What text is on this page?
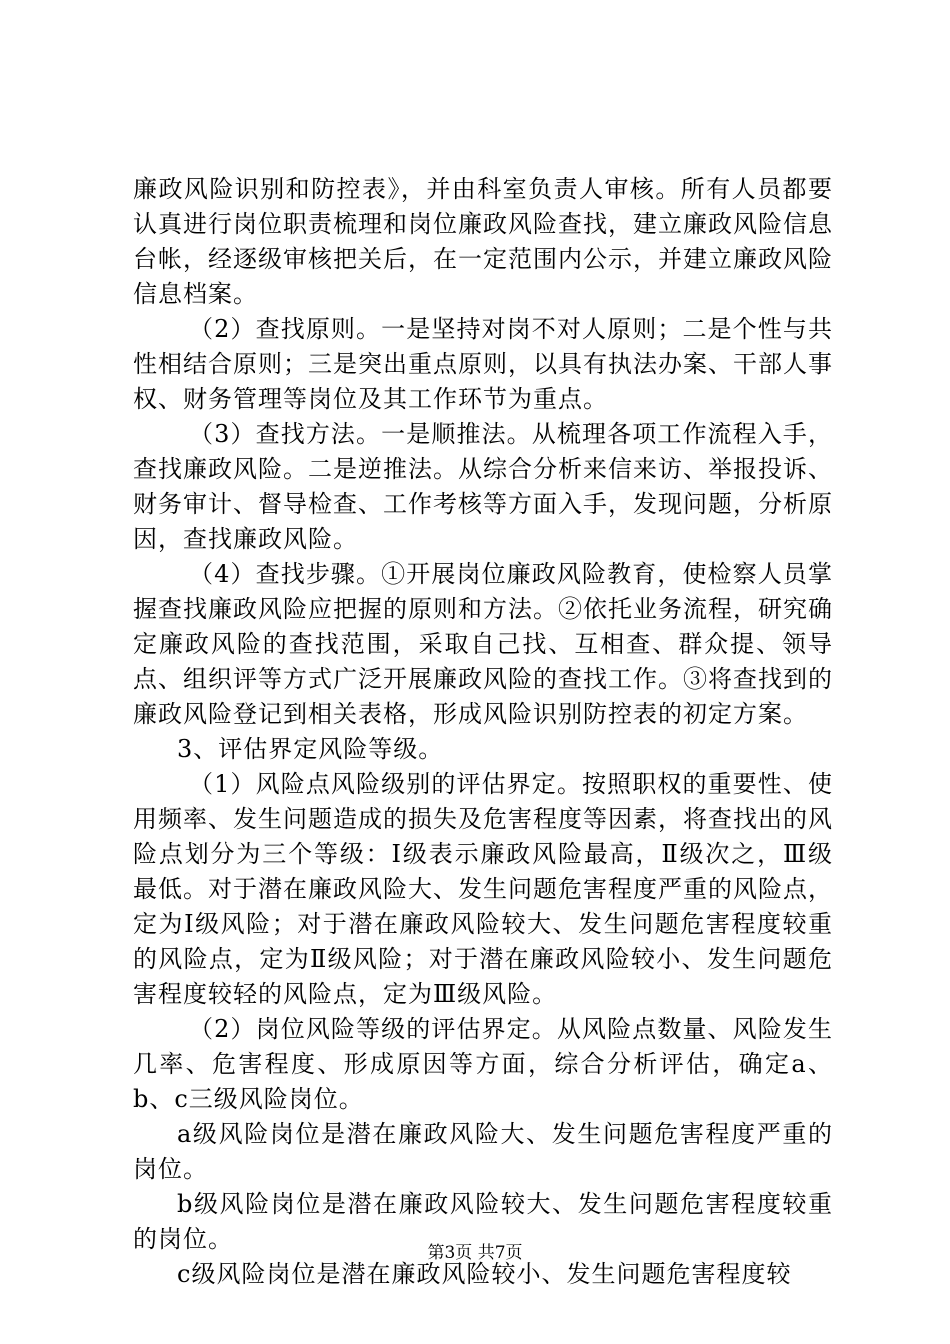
廉政风险识别和防控表》，并由科室负责人审核。所有人员都要认真进行岗位职责梳理和岗位廉政风险查找，建立廉政风险信息台帐，经逐级审核把关后，在一定范围内公示，并建立廉政风险信息档案。

（2）查找原则。一是坚持对岗不对人原则；二是个性与共性相结合原则；三是突出重点原则，以具有执法办案、干部人事权、财务管理等岗位及其工作环节为重点。

（3）查找方法。一是顺推法。从梳理各项工作流程入手，查找廉政风险。二是逆推法。从综合分析来信来访、举报投诉、财务审计、督导检查、工作考核等方面入手，发现问题，分析原因，查找廉政风险。

（4）查找步骤。①开展岗位廉政风险教育，使检察人员掌握查找廉政风险应把握的原则和方法。②依托业务流程，研究确定廉政风险的查找范围，采取自己找、互相查、群众提、领导点、组织评等方式广泛开展廉政风险的查找工作。③将查找到的廉政风险登记到相关表格，形成风险识别防控表的初定方案。

3、评估界定风险等级。

（1）风险点风险级别的评估界定。按照职权的重要性、使用频率、发生问题造成的损失及危害程度等因素，将查找出的风险点划分为三个等级：Ⅰ级表示廉政风险最高，Ⅱ级次之，Ⅲ级最低。对于潜在廉政风险大、发生问题危害程度严重的风险点，定为Ⅰ级风险；对于潜在廉政风险较大、发生问题危害程度较重的风险点，定为Ⅱ级风险；对于潜在廉政风险较小、发生问题危害程度较轻的风险点，定为Ⅲ级风险。

（2）岗位风险等级的评估界定。从风险点数量、风险发生几率、危害程度、形成原因等方面，综合分析评估，确定a、b、c三级风险岗位。

a级风险岗位是潜在廉政风险大、发生问题危害程度严重的岗位。

b级风险岗位是潜在廉政风险较大、发生问题危害程度较重的岗位。

c级风险岗位是潜在廉政风险较小、发生问题危害程度较

第3页 共7页
